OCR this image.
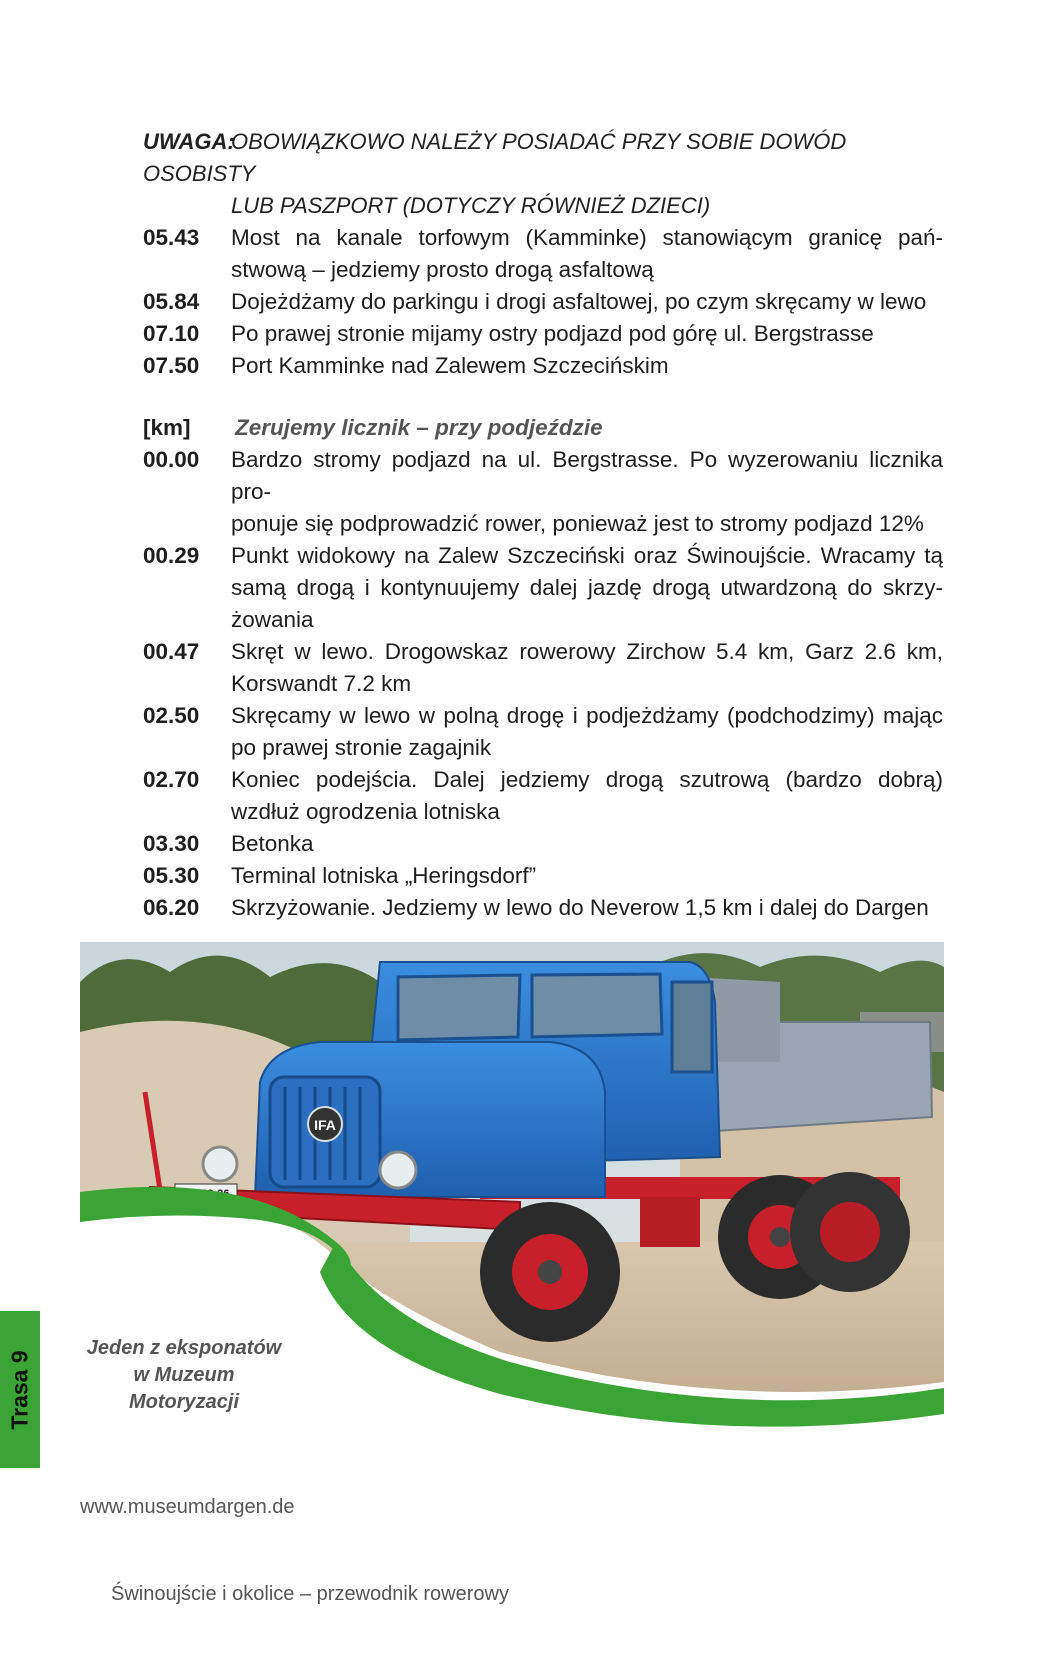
UWAGA:OBOWIĄZKOWO NALEŻY POSIADAĆ PRZY SOBIE DOWÓD OSOBISTY
LUB PASZPORT (DOTYCZY RÓWNIEŻ DZIECI)
05.43	Most na kanale torfowym (Kamminke) stanowiącym granicę pań-
stwową – jedziemy prosto drogą asfaltową
05.84	Dojeżdżamy do parkingu i drogi asfaltowej, po czym skręcamy w lewo
07.10	Po prawej stronie mijamy ostry podjazd pod górę ul. Bergstrasse
07.50	Port Kamminke nad Zalewem Szczecińskim
[km]	Zerujemy licznik – przy podjeździe
00.00	Bardzo stromy podjazd na ul. Bergstrasse. Po wyzerowaniu licznika pro-
ponuje się podprowadzić rower, ponieważ jest to stromy podjazd 12%
00.29	Punkt widokowy na Zalew Szczeciński oraz Świnoujście. Wracamy tą
samą drogą i kontynuujemy dalej jazdę drogą utwardzoną do skrzy-
żowania
00.47	Skręt w lewo. Drogowskaz rowerowy Zirchow 5.4 km, Garz 2.6 km,
Korswandt 7.2 km
02.50	Skręcamy w lewo w polną drogę i podjeżdżamy (podchodzimy) mając
po prawej stronie zagajnik
02.70	Koniec podejścia. Dalej jedziemy drogą szutrową (bardzo dobrą)
wzdłuż ogrodzenia lotniska
03.30	Betonka
05.30	Terminal lotniska „Heringsdorf”
06.20	Skrzyżowanie. Jedziemy w lewo do Neverow 1,5 km i dalej do Dargen
IFA
Jeden z eksponatów
w Muzeum
Motoryzacji
Trasa 9
www.museumdargen.de
Świnoujście i okolice – przewodnik rowerowy
